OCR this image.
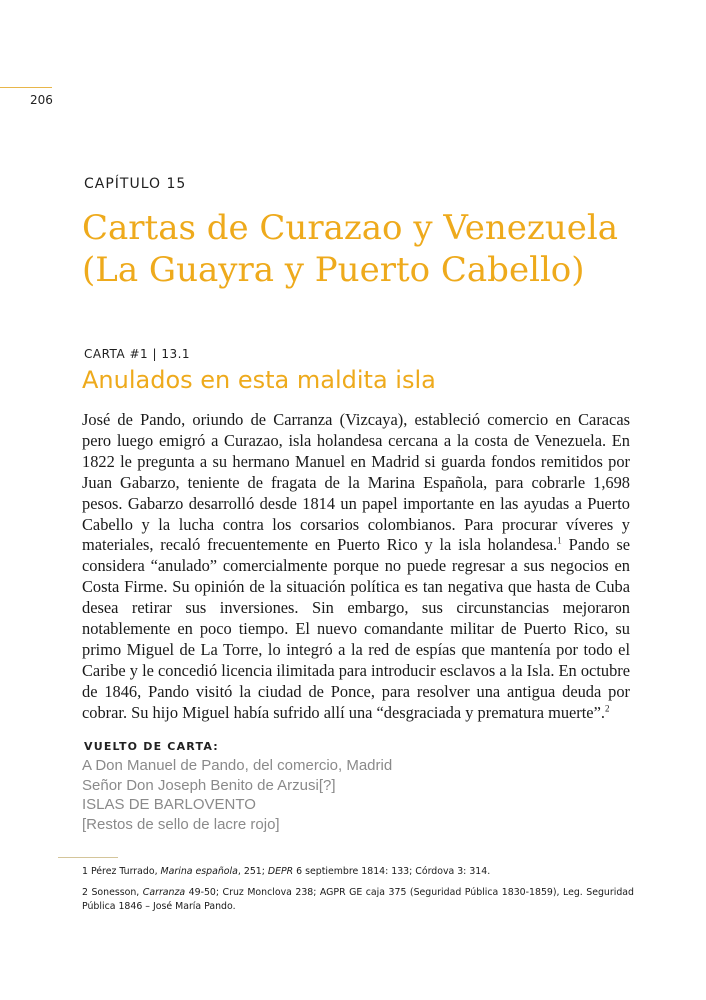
206
CAPÍTULO 15
Cartas de Curazao y Venezuela
(La Guayra y Puerto Cabello)
CARTA #1 | 13.1
Anulados en esta maldita isla

José de Pando, oriundo de Carranza (Vizcaya), estableció comercio en Caracas pero luego emigró a Curazao, isla holandesa cercana a la costa de Venezuela. En 1822 le pregunta a su hermano Manuel en Madrid si guarda fondos remitidos por Juan Gabarzo, teniente de fragata de la Marina Española, para cobrarle 1,698 pesos. Gabarzo desarrolló desde 1814 un papel importante en las ayudas a Puerto Cabello y la lucha contra los corsarios colombianos. Para procurar víveres y materiales, recaló frecuentemente en Puerto Rico y la isla holandesa.$^1$ Pando se considera “anulado” comercialmente porque no puede regresar a sus negocios en Costa Firme. Su opinión de la situación política es tan negativa que hasta de Cuba desea retirar sus inversiones. Sin embargo, sus circunstancias mejoraron notablemente en poco tiempo. El nuevo comandante militar de Puerto Rico, su primo Miguel de La Torre, lo integró a la red de espías que mantenía por todo el Caribe y le concedió licencia ilimitada para introducir esclavos a la Isla. En octubre de 1846, Pando visitó la ciudad de Ponce, para resolver una antigua deuda por cobrar. Su hijo Miguel había sufrido allí una “desgraciada y prematura muerte”.$^2$

VUELTO DE CARTA:
A Don Manuel de Pando, del comercio, Madrid
Señor Don Joseph Benito de Arzusi[?]
ISLAS DE BARLOVENTO
[Restos de sello de lacre rojo]
1 Pérez Turrado, Marina española, 251; DEPR 6 septiembre 1814: 133; Córdova 3: 314.
2 Sonesson, Carranza 49-50; Cruz Monclova 238; AGPR GE caja 375 (Seguridad Pública 1830-1859), Leg. Seguridad Pública 1846 – José María Pando.
